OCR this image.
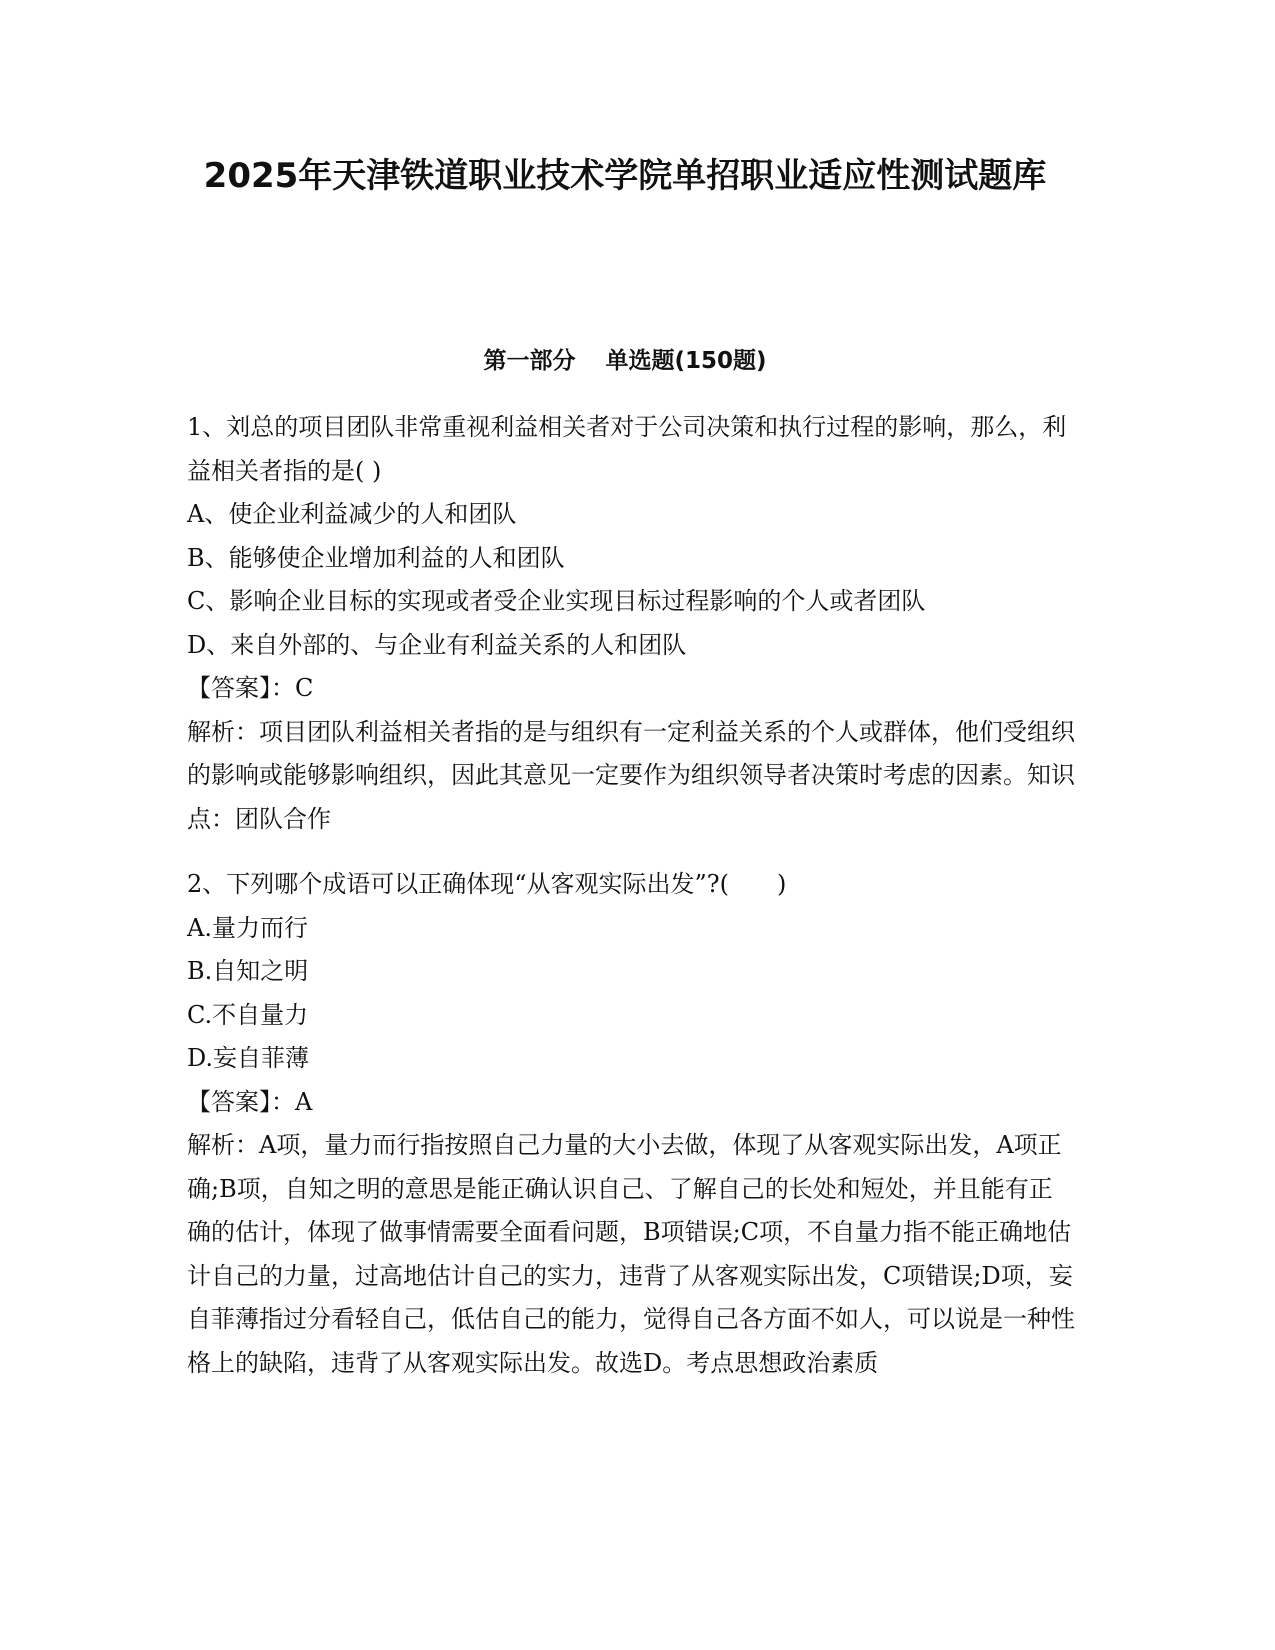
2025年天津铁道职业技术学院单招职业适应性测试题库
第一部分 单选题(150题)
1、刘总的项目团队非常重视利益相关者对于公司决策和执行过程的影响，那么，利益相关者指的是( )
A、使企业利益减少的人和团队
B、能够使企业增加利益的人和团队
C、影响企业目标的实现或者受企业实现目标过程影响的个人或者团队
D、来自外部的、与企业有利益关系的人和团队
【答案】：C
解析：项目团队利益相关者指的是与组织有一定利益关系的个人或群体，他们受组织的影响或能够影响组织，因此其意见一定要作为组织领导者决策时考虑的因素。知识点：团队合作
2、下列哪个成语可以正确体现“从客观实际出发”?(　　)
A.量力而行
B.自知之明
C.不自量力
D.妄自菲薄
【答案】：A
解析：A项，量力而行指按照自己力量的大小去做，体现了从客观实际出发，A项正确;B项，自知之明的意思是能正确认识自己、了解自己的长处和短处，并且能有正确的估计，体现了做事情需要全面看问题，B项错误;C项，不自量力指不能正确地估计自己的力量，过高地估计自己的实力，违背了从客观实际出发，C项错误;D项，妄自菲薄指过分看轻自己，低估自己的能力，觉得自己各方面不如人，可以说是一种性格上的缺陷，违背了从客观实际出发。故选D。考点思想政治素质
